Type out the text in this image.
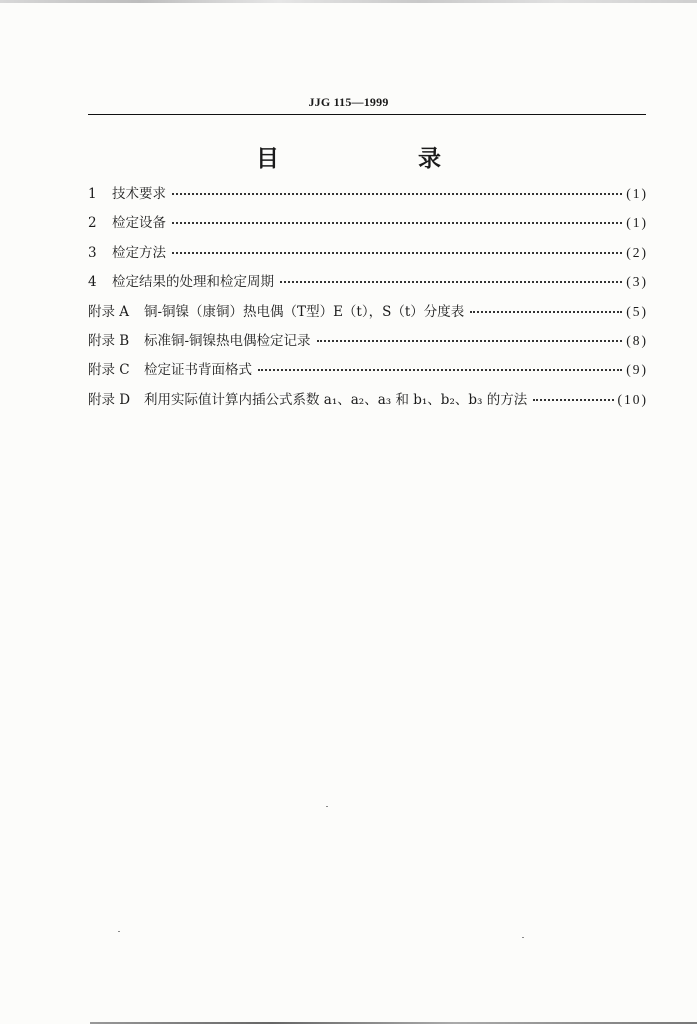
JJG 115—1999
目　录
1	技术要求	(1)
2	检定设备	(1)
3	检定方法	(2)
4	检定结果的处理和检定周期	(3)
附录 A	铜-铜镍（康铜）热电偶（T型）E（t），S（t）分度表	(5)
附录 B	标准铜-铜镍热电偶检定记录	(8)
附录 C	检定证书背面格式	(9)
附录 D	利用实际值计算内插公式系数 a₁、a₂、a₃ 和 b₁、b₂、b₃ 的方法	(10)
